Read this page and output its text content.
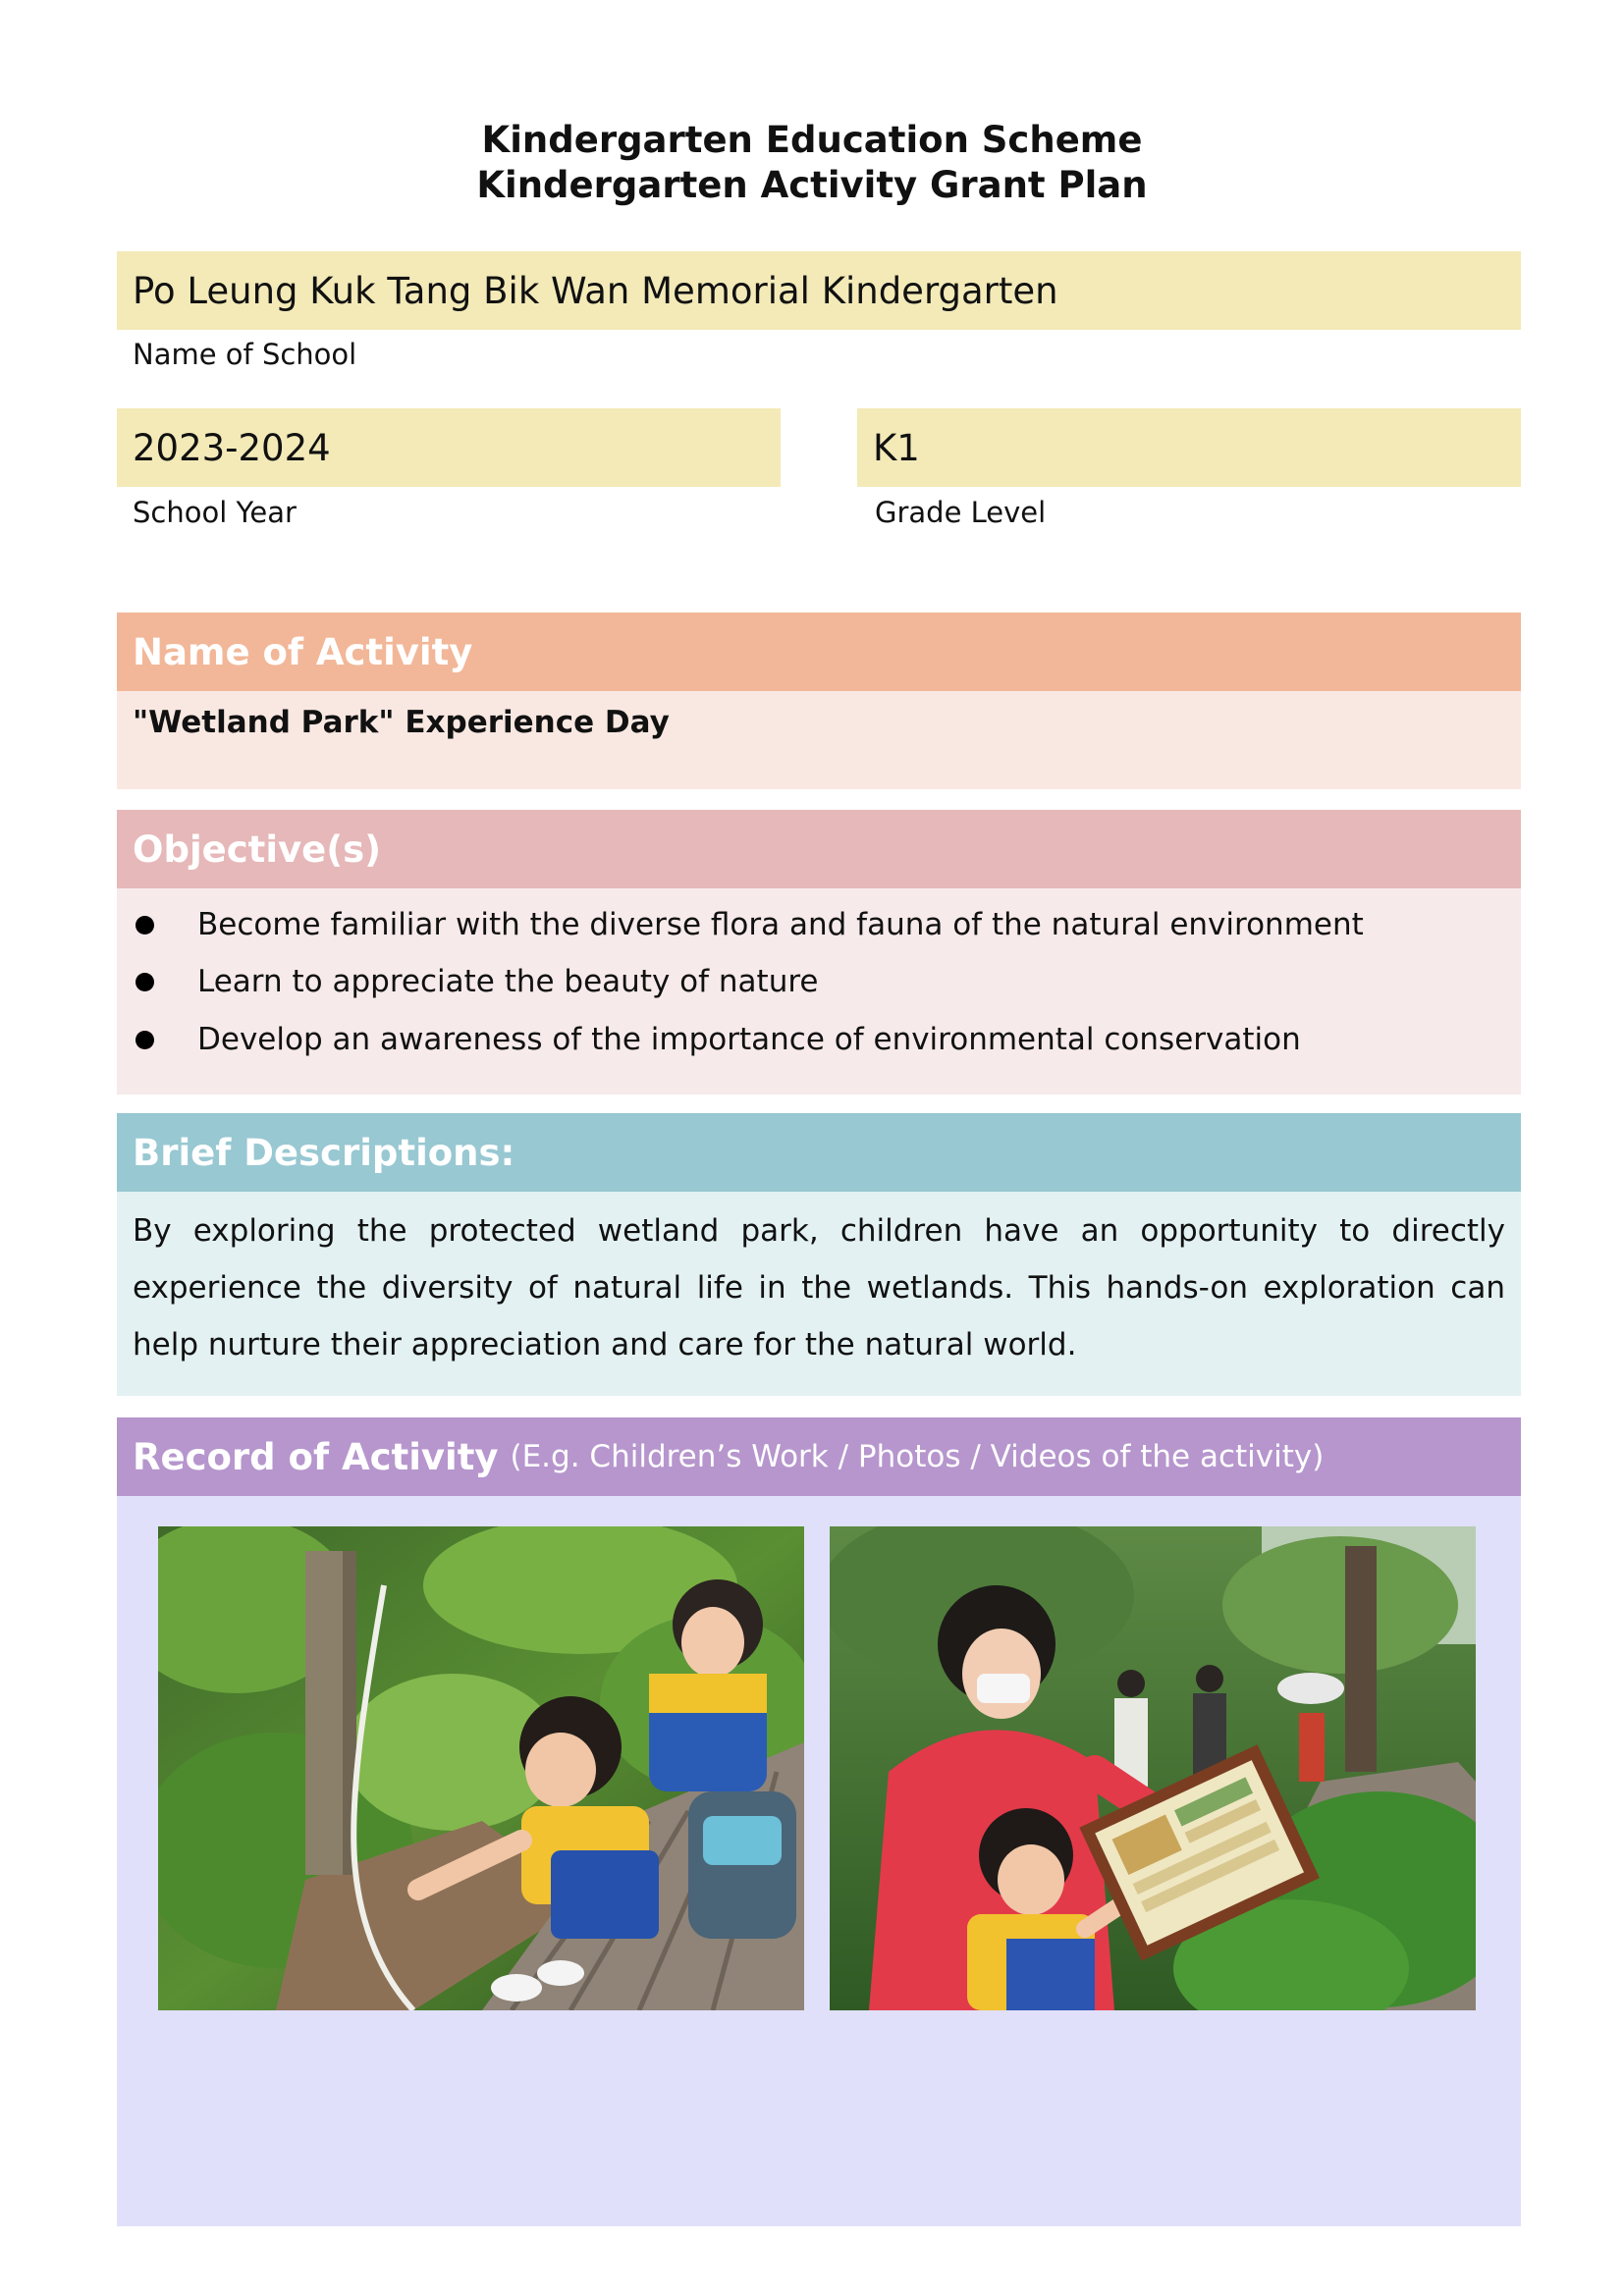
Kindergarten Education Scheme
Kindergarten Activity Grant Plan
Po Leung Kuk Tang Bik Wan Memorial Kindergarten
Name of School
2023-2024
School Year
K1
Grade Level
Name of Activity
"Wetland Park" Experience Day
Objective(s)
Become familiar with the diverse flora and fauna of the natural environment
Learn to appreciate the beauty of nature
Develop an awareness of the importance of environmental conservation
Brief Descriptions:
By exploring the protected wetland park, children have an opportunity to directly experience the diversity of natural life in the wetlands. This hands-on exploration can help nurture their appreciation and care for the natural world.
Record of Activity (E.g. Children’s Work / Photos / Videos of the activity)
